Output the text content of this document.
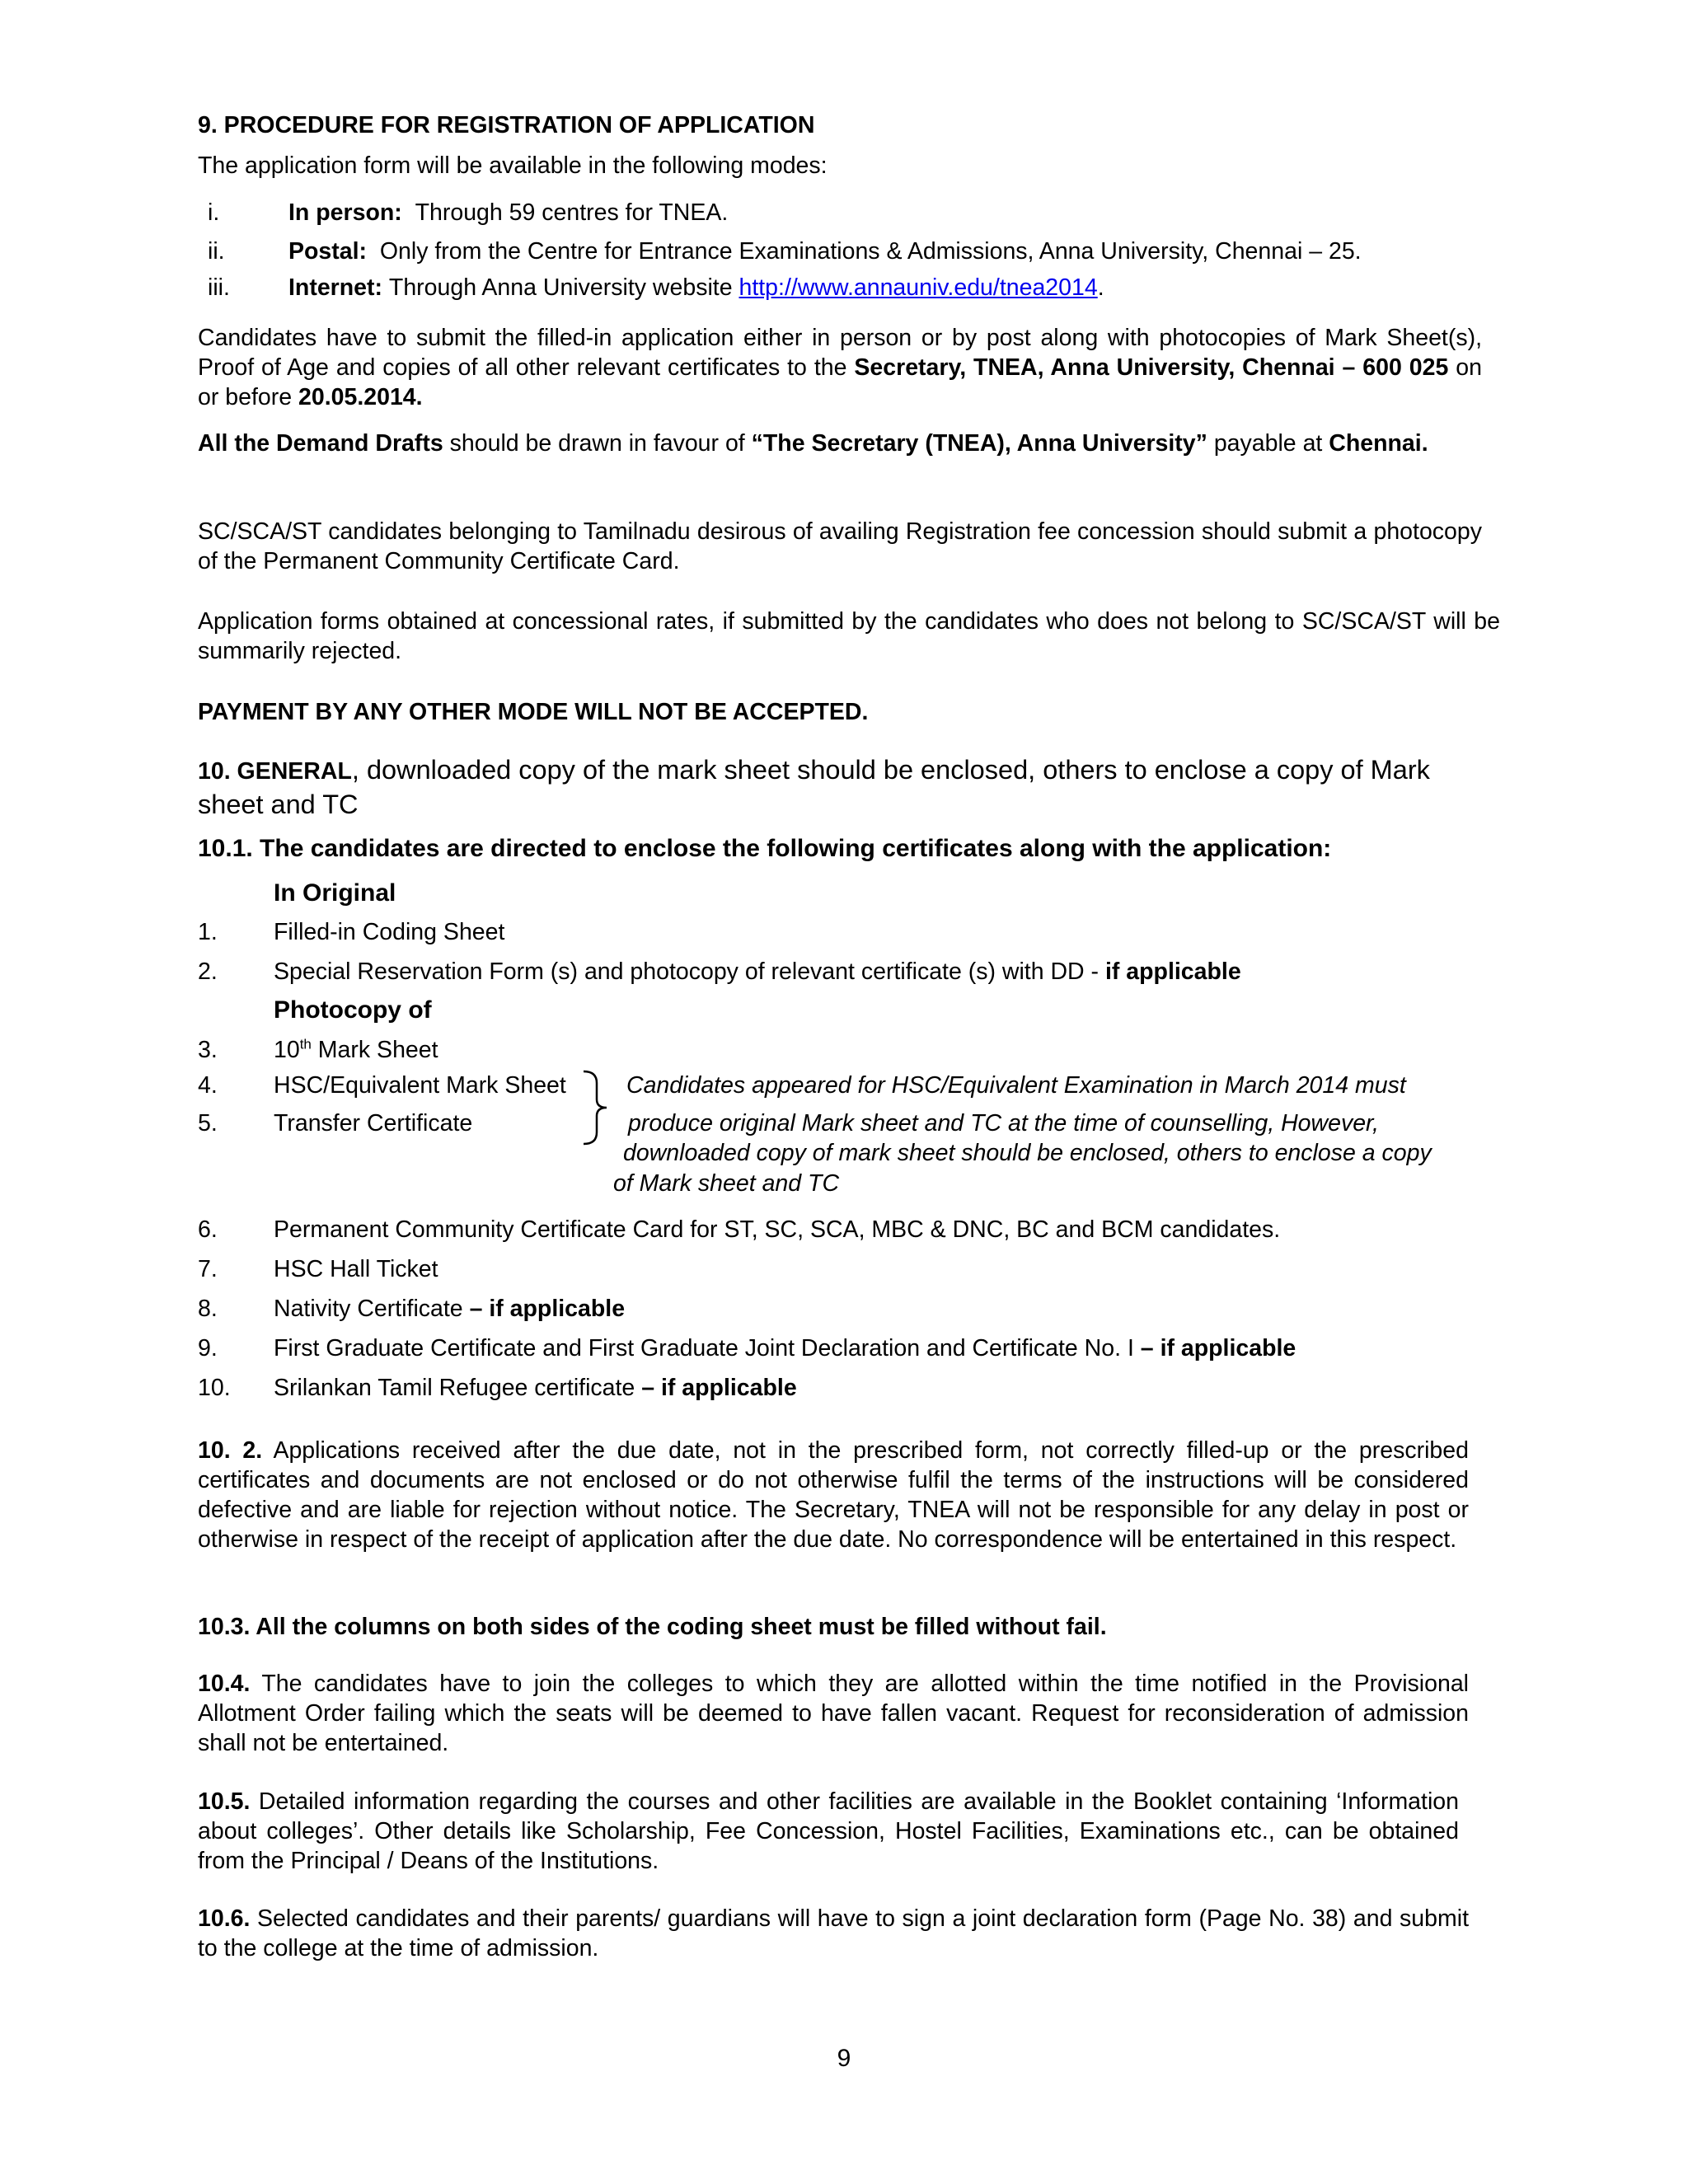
9. PROCEDURE FOR REGISTRATION OF APPLICATION
The application form will be available in the following modes:
i.	In person: Through 59 centres for TNEA.
ii.	Postal: Only from the Centre for Entrance Examinations & Admissions, Anna University, Chennai – 25.
iii. Internet: Through Anna University website http://www.annauniv.edu/tnea2014.
Candidates have to submit the filled-in application either in person or by post along with photocopies of Mark Sheet(s), Proof of Age and copies of all other relevant certificates to the Secretary, TNEA, Anna University, Chennai – 600 025 on or before 20.05.2014.
All the Demand Drafts should be drawn in favour of “The Secretary (TNEA), Anna University” payable at Chennai.
SC/SCA/ST candidates belonging to Tamilnadu desirous of availing Registration fee concession should submit a photocopy of the Permanent Community Certificate Card.
Application forms obtained at concessional rates, if submitted by the candidates who does not belong to SC/SCA/ST will be summarily rejected.
PAYMENT BY ANY OTHER MODE WILL NOT BE ACCEPTED.
10. GENERAL, downloaded copy of the mark sheet should be enclosed, others to enclose a copy of Mark sheet and TC
10.1. The candidates are directed to enclose the following certificates along with the application:
In Original
1. Filled-in Coding Sheet
2. Special Reservation Form (s) and photocopy of relevant certificate (s) with DD - if applicable
Photocopy of
3. 10th Mark Sheet
4. HSC/Equivalent Mark Sheet
5. Transfer Certificate
Candidates appeared for HSC/Equivalent Examination in March 2014 must
produce original Mark sheet and TC at the time of counselling, However,
downloaded copy of mark sheet should be enclosed, others to enclose a copy
of Mark sheet and TC
6. Permanent Community Certificate Card for ST, SC, SCA, MBC & DNC, BC and BCM candidates.
7. HSC Hall Ticket
8. Nativity Certificate – if applicable
9. First Graduate Certificate and First Graduate Joint Declaration and Certificate No. I – if applicable
10. Srilankan Tamil Refugee certificate – if applicable
10. 2. Applications received after the due date, not in the prescribed form, not correctly filled-up or the prescribed certificates and documents are not enclosed or do not otherwise fulfil the terms of the instructions will be considered defective and are liable for rejection without notice. The Secretary, TNEA will not be responsible for any delay in post or otherwise in respect of the receipt of application after the due date. No correspondence will be entertained in this respect.
10.3. All the columns on both sides of the coding sheet must be filled without fail.
10.4. The candidates have to join the colleges to which they are allotted within the time notified in the Provisional Allotment Order failing which the seats will be deemed to have fallen vacant. Request for reconsideration of admission shall not be entertained.
10.5. Detailed information regarding the courses and other facilities are available in the Booklet containing ‘Information about colleges’. Other details like Scholarship, Fee Concession, Hostel Facilities, Examinations etc., can be obtained from the Principal / Deans of the Institutions.
10.6. Selected candidates and their parents/ guardians will have to sign a joint declaration form (Page No. 38) and submit to the college at the time of admission.
9
